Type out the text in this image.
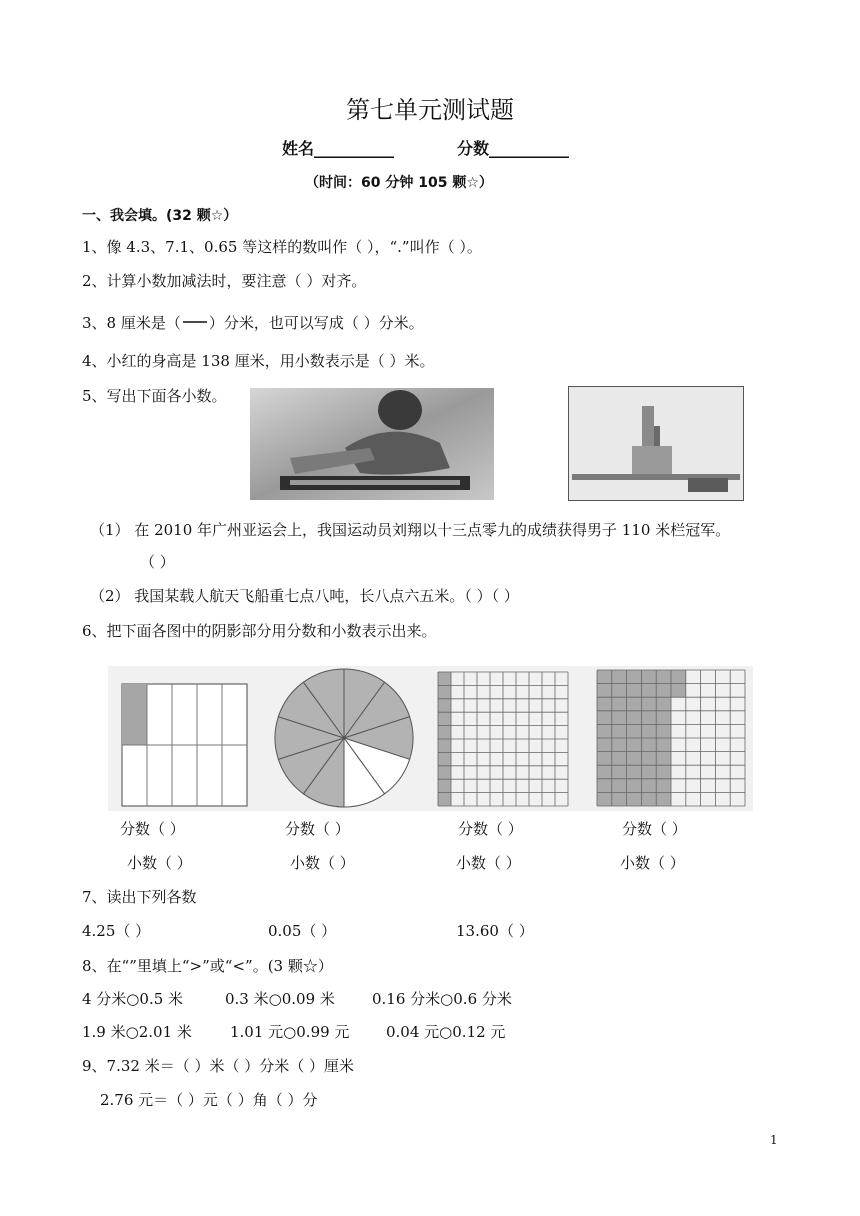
第七单元测试题
姓名__________	分数__________
（时间：60 分钟 105 颗☆）
一、我会填。(32 颗☆）
1、像 4.3、7.1、0.65 等这样的数叫作（ ），“.”叫作（ ）。
2、计算小数加减法时，要注意（ ）对齐。
3、8 厘米是（ ）分米，也可以写成（ ）分米。
4、小红的身高是 138 厘米，用小数表示是（ ）米。
5、写出下面各小数。
（1） 在 2010 年广州亚运会上，我国运动员刘翔以十三点零九的成绩获得男子 110 米栏冠军。
（ ）
（2） 我国某载人航天飞船重七点八吨，长八点六五米。（ ）（ ）
6、把下面各图中的阴影部分用分数和小数表示出来。
分数（ ）	分数（ ）	分数（ ）	分数（ ）
小数（ ）	小数（ ）	小数（ ）	小数（ ）
7、读出下列各数
4.25（ ）	0.05（ ）	13.60（ ）
8、在“”里填上“>”或“<”。(3 颗☆）
4 分米○0.5 米	0.3 米○0.09 米 0.16 分米○0.6 分米
1.9 米○2.01 米	1.01 元○0.99 元 0.04 元○0.12 元
9、7.32 米＝（ ）米（ ）分米（ ）厘米
2.76 元＝（ ）元（ ）角（ ）分
1
